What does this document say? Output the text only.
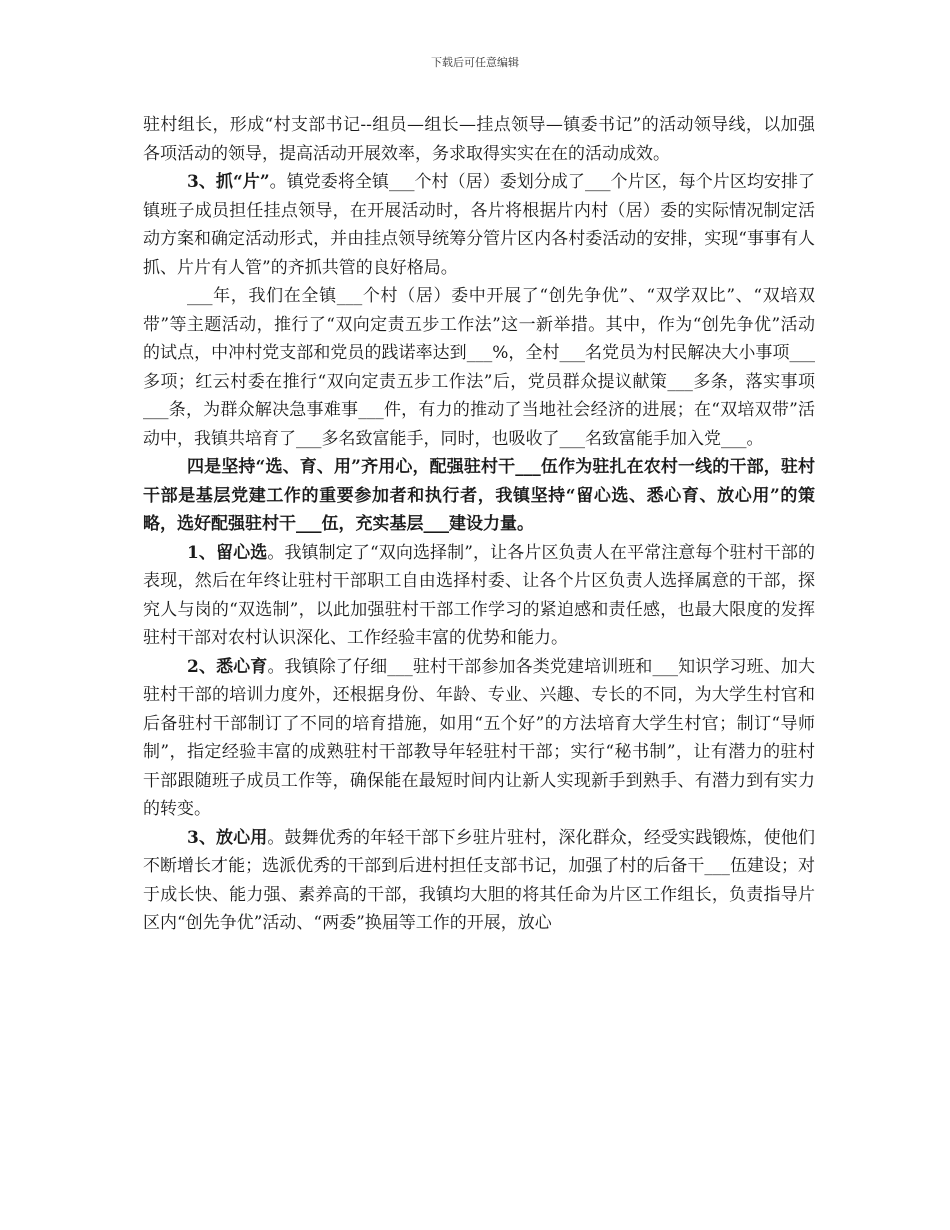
下载后可任意编辑

驻村组长，形成“村支部书记--组员—组长—挂点领导—镇委书记”的活动领导线，以加强各项活动的领导，提高活动开展效率，务求取得实实在在的活动成效。

3、抓“片”。镇党委将全镇___个村（居）委划分成了___个片区，每个片区均安排了镇班子成员担任挂点领导，在开展活动时，各片将根据片内村（居）委的实际情况制定活动方案和确定活动形式，并由挂点领导统筹分管片区内各村委活动的安排，实现“事事有人抓、片片有人管”的齐抓共管的良好格局。

___年，我们在全镇___个村（居）委中开展了“创先争优”、“双学双比”、“双培双带”等主题活动，推行了“双向定责五步工作法”这一新举措。其中，作为“创先争优”活动的试点，中冲村党支部和党员的践诺率达到___%，全村___名党员为村民解决大小事项___多项；红云村委在推行“双向定责五步工作法”后，党员群众提议献策___多条，落实事项___条，为群众解决急事难事___件，有力的推动了当地社会经济的进展；在“双培双带”活动中，我镇共培育了___多名致富能手，同时，也吸收了___名致富能手加入党___。

四是坚持“选、育、用”齐用心，配强驻村干___伍作为驻扎在农村一线的干部，驻村干部是基层党建工作的重要参加者和执行者，我镇坚持“留心选、悉心育、放心用”的策略，选好配强驻村干___伍，充实基层___建设力量。

1、留心选。我镇制定了“双向选择制”，让各片区负责人在平常注意每个驻村干部的表现，然后在年终让驻村干部职工自由选择村委、让各个片区负责人选择属意的干部，探究人与岗的“双选制”，以此加强驻村干部工作学习的紧迫感和责任感，也最大限度的发挥驻村干部对农村认识深化、工作经验丰富的优势和能力。

2、悉心育。我镇除了仔细___驻村干部参加各类党建培训班和___知识学习班、加大驻村干部的培训力度外，还根据身份、年龄、专业、兴趣、专长的不同，为大学生村官和后备驻村干部制订了不同的培育措施，如用“五个好”的方法培育大学生村官；制订“导师制”，指定经验丰富的成熟驻村干部教导年轻驻村干部；实行“秘书制”，让有潜力的驻村干部跟随班子成员工作等，确保能在最短时间内让新人实现新手到熟手、有潜力到有实力的转变。

3、放心用。鼓舞优秀的年轻干部下乡驻片驻村，深化群众，经受实践锻炼，使他们不断增长才能；选派优秀的干部到后进村担任支部书记，加强了村的后备干___伍建设；对于成长快、能力强、素养高的干部，我镇均大胆的将其任命为片区工作组长，负责指导片区内“创先争优”活动、“两委”换届等工作的开展，放心
